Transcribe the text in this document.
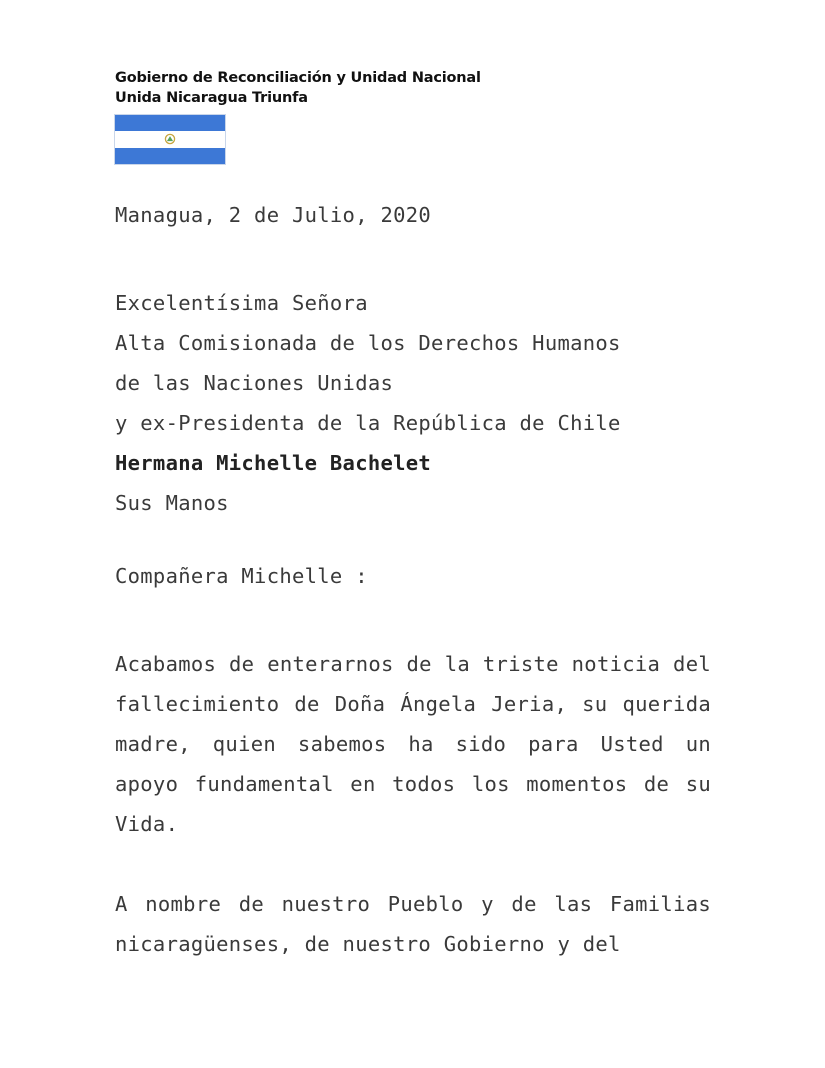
Gobierno de Reconciliación y Unidad Nacional
Unida Nicaragua Triunfa
Managua, 2 de Julio, 2020
Excelentísima Señora
Alta Comisionada de los Derechos Humanos
de las Naciones Unidas
y ex-Presidenta de la República de Chile
Hermana Michelle Bachelet
Sus Manos
Compañera Michelle :
Acabamos de enterarnos de la triste noticia del fallecimiento de Doña Ángela Jeria, su querida madre, quien sabemos ha sido para Usted un apoyo fundamental en todos los momentos de su Vida.
A nombre de nuestro Pueblo y de las Familias nicaragüenses, de nuestro Gobierno y del
